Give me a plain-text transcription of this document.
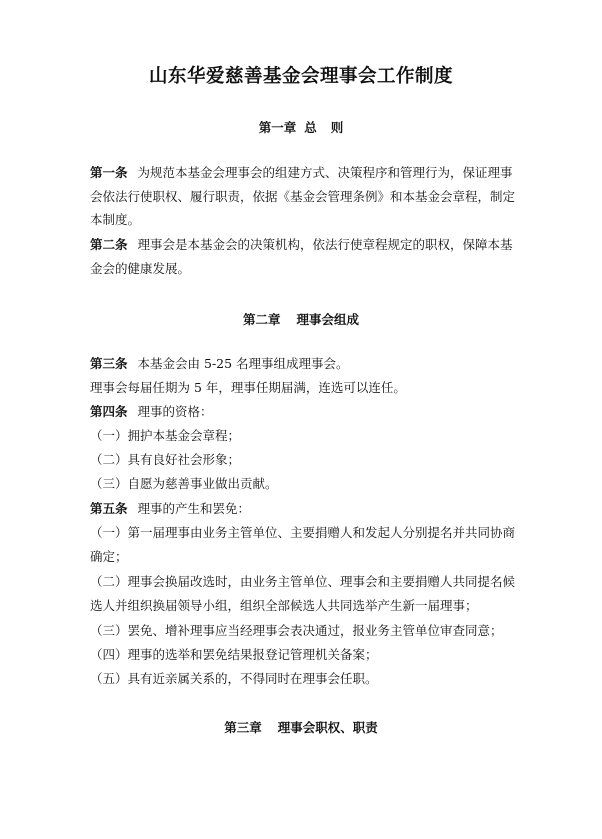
山东华爱慈善基金会理事会工作制度
第一章 总 则
第一条 为规范本基金会理事会的组建方式、决策程序和管理行为，保证理事会依法行使职权、履行职责，依据《基金会管理条例》和本基金会章程，制定本制度。
第二条 理事会是本基金会的决策机构，依法行使章程规定的职权，保障本基金会的健康发展。
第二章 理事会组成
第三条 本基金会由 5-25 名理事组成理事会。
理事会每届任期为 5 年，理事任期届满，连选可以连任。
第四条 理事的资格：
（一）拥护本基金会章程；
（二）具有良好社会形象；
（三）自愿为慈善事业做出贡献。
第五条 理事的产生和罢免：
（一）第一届理事由业务主管单位、主要捐赠人和发起人分别提名并共同协商确定；
（二）理事会换届改选时，由业务主管单位、理事会和主要捐赠人共同提名候选人并组织换届领导小组，组织全部候选人共同选举产生新一届理事；
（三）罢免、增补理事应当经理事会表决通过，报业务主管单位审查同意；
（四）理事的选举和罢免结果报登记管理机关备案；
（五）具有近亲属关系的，不得同时在理事会任职。
第三章 理事会职权、职责
